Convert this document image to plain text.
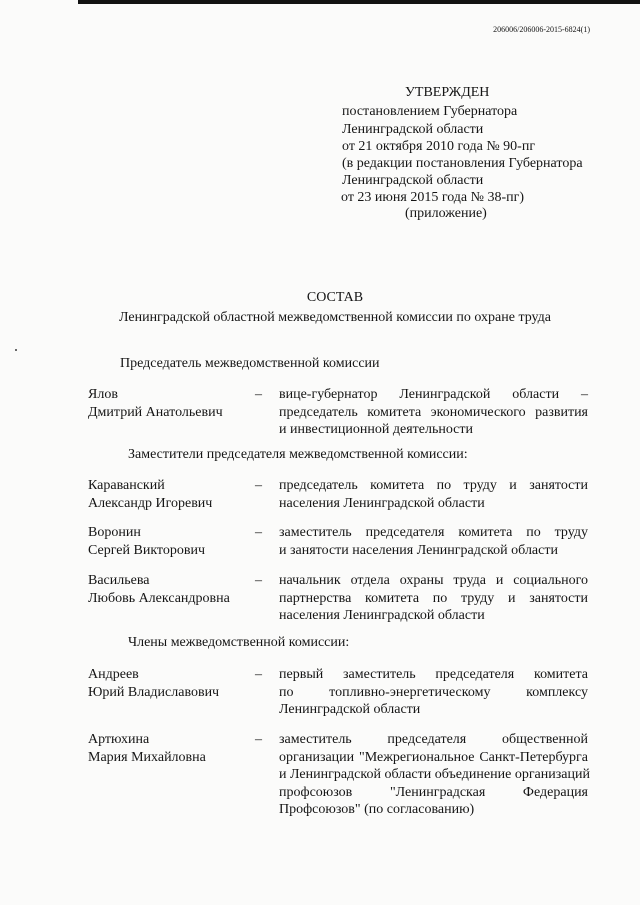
206006/206006-2015-6824(1)
УТВЕРЖДЕН
постановлением Губернатора
Ленинградской области
от 21 октября 2010 года № 90-пг
(в редакции постановления Губернатора
Ленинградской области
от 23 июня 2015 года № 38-пг)
(приложение)
СОСТАВ
Ленинградской областной межведомственной комиссии по охране труда
Председатель межведомственной комиссии
Ялов
Дмитрий Анатольевич
– вице-губернатор Ленинградской области –
председатель комитета экономического развития
и инвестиционной деятельности
Заместители председателя межведомственной комиссии:
Караванский
Александр Игоревич
– председатель комитета по труду и занятости
населения Ленинградской области
Воронин
Сергей Викторович
– заместитель председателя комитета по труду
и занятости населения Ленинградской области
Васильева
Любовь Александровна
– начальник отдела охраны труда и социального
партнерства комитета по труду и занятости
населения Ленинградской области
Члены межведомственной комиссии:
Андреев
Юрий Владиславович
– первый заместитель председателя комитета
по топливно-энергетическому комплексу
Ленинградской области
Артюхина
Мария Михайловна
– заместитель председателя общественной
организации "Межрегиональное Санкт-Петербурга
и Ленинградской области объединение организаций
профсоюзов "Ленинградская Федерация
Профсоюзов" (по согласованию)
